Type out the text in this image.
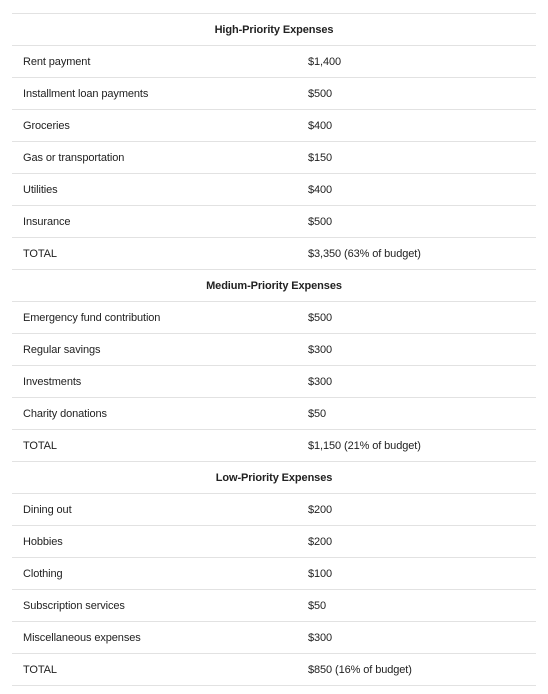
High-Priority Expenses
Rent payment	$1,400
Installment loan payments	$500
Groceries	$400
Gas or transportation	$150
Utilities	$400
Insurance	$500
TOTAL	$3,350 (63% of budget)
Medium-Priority Expenses
Emergency fund contribution	$500
Regular savings	$300
Investments	$300
Charity donations	$50
TOTAL	$1,150 (21% of budget)
Low-Priority Expenses
Dining out	$200
Hobbies	$200
Clothing	$100
Subscription services	$50
Miscellaneous expenses	$300
TOTAL	$850 (16% of budget)
